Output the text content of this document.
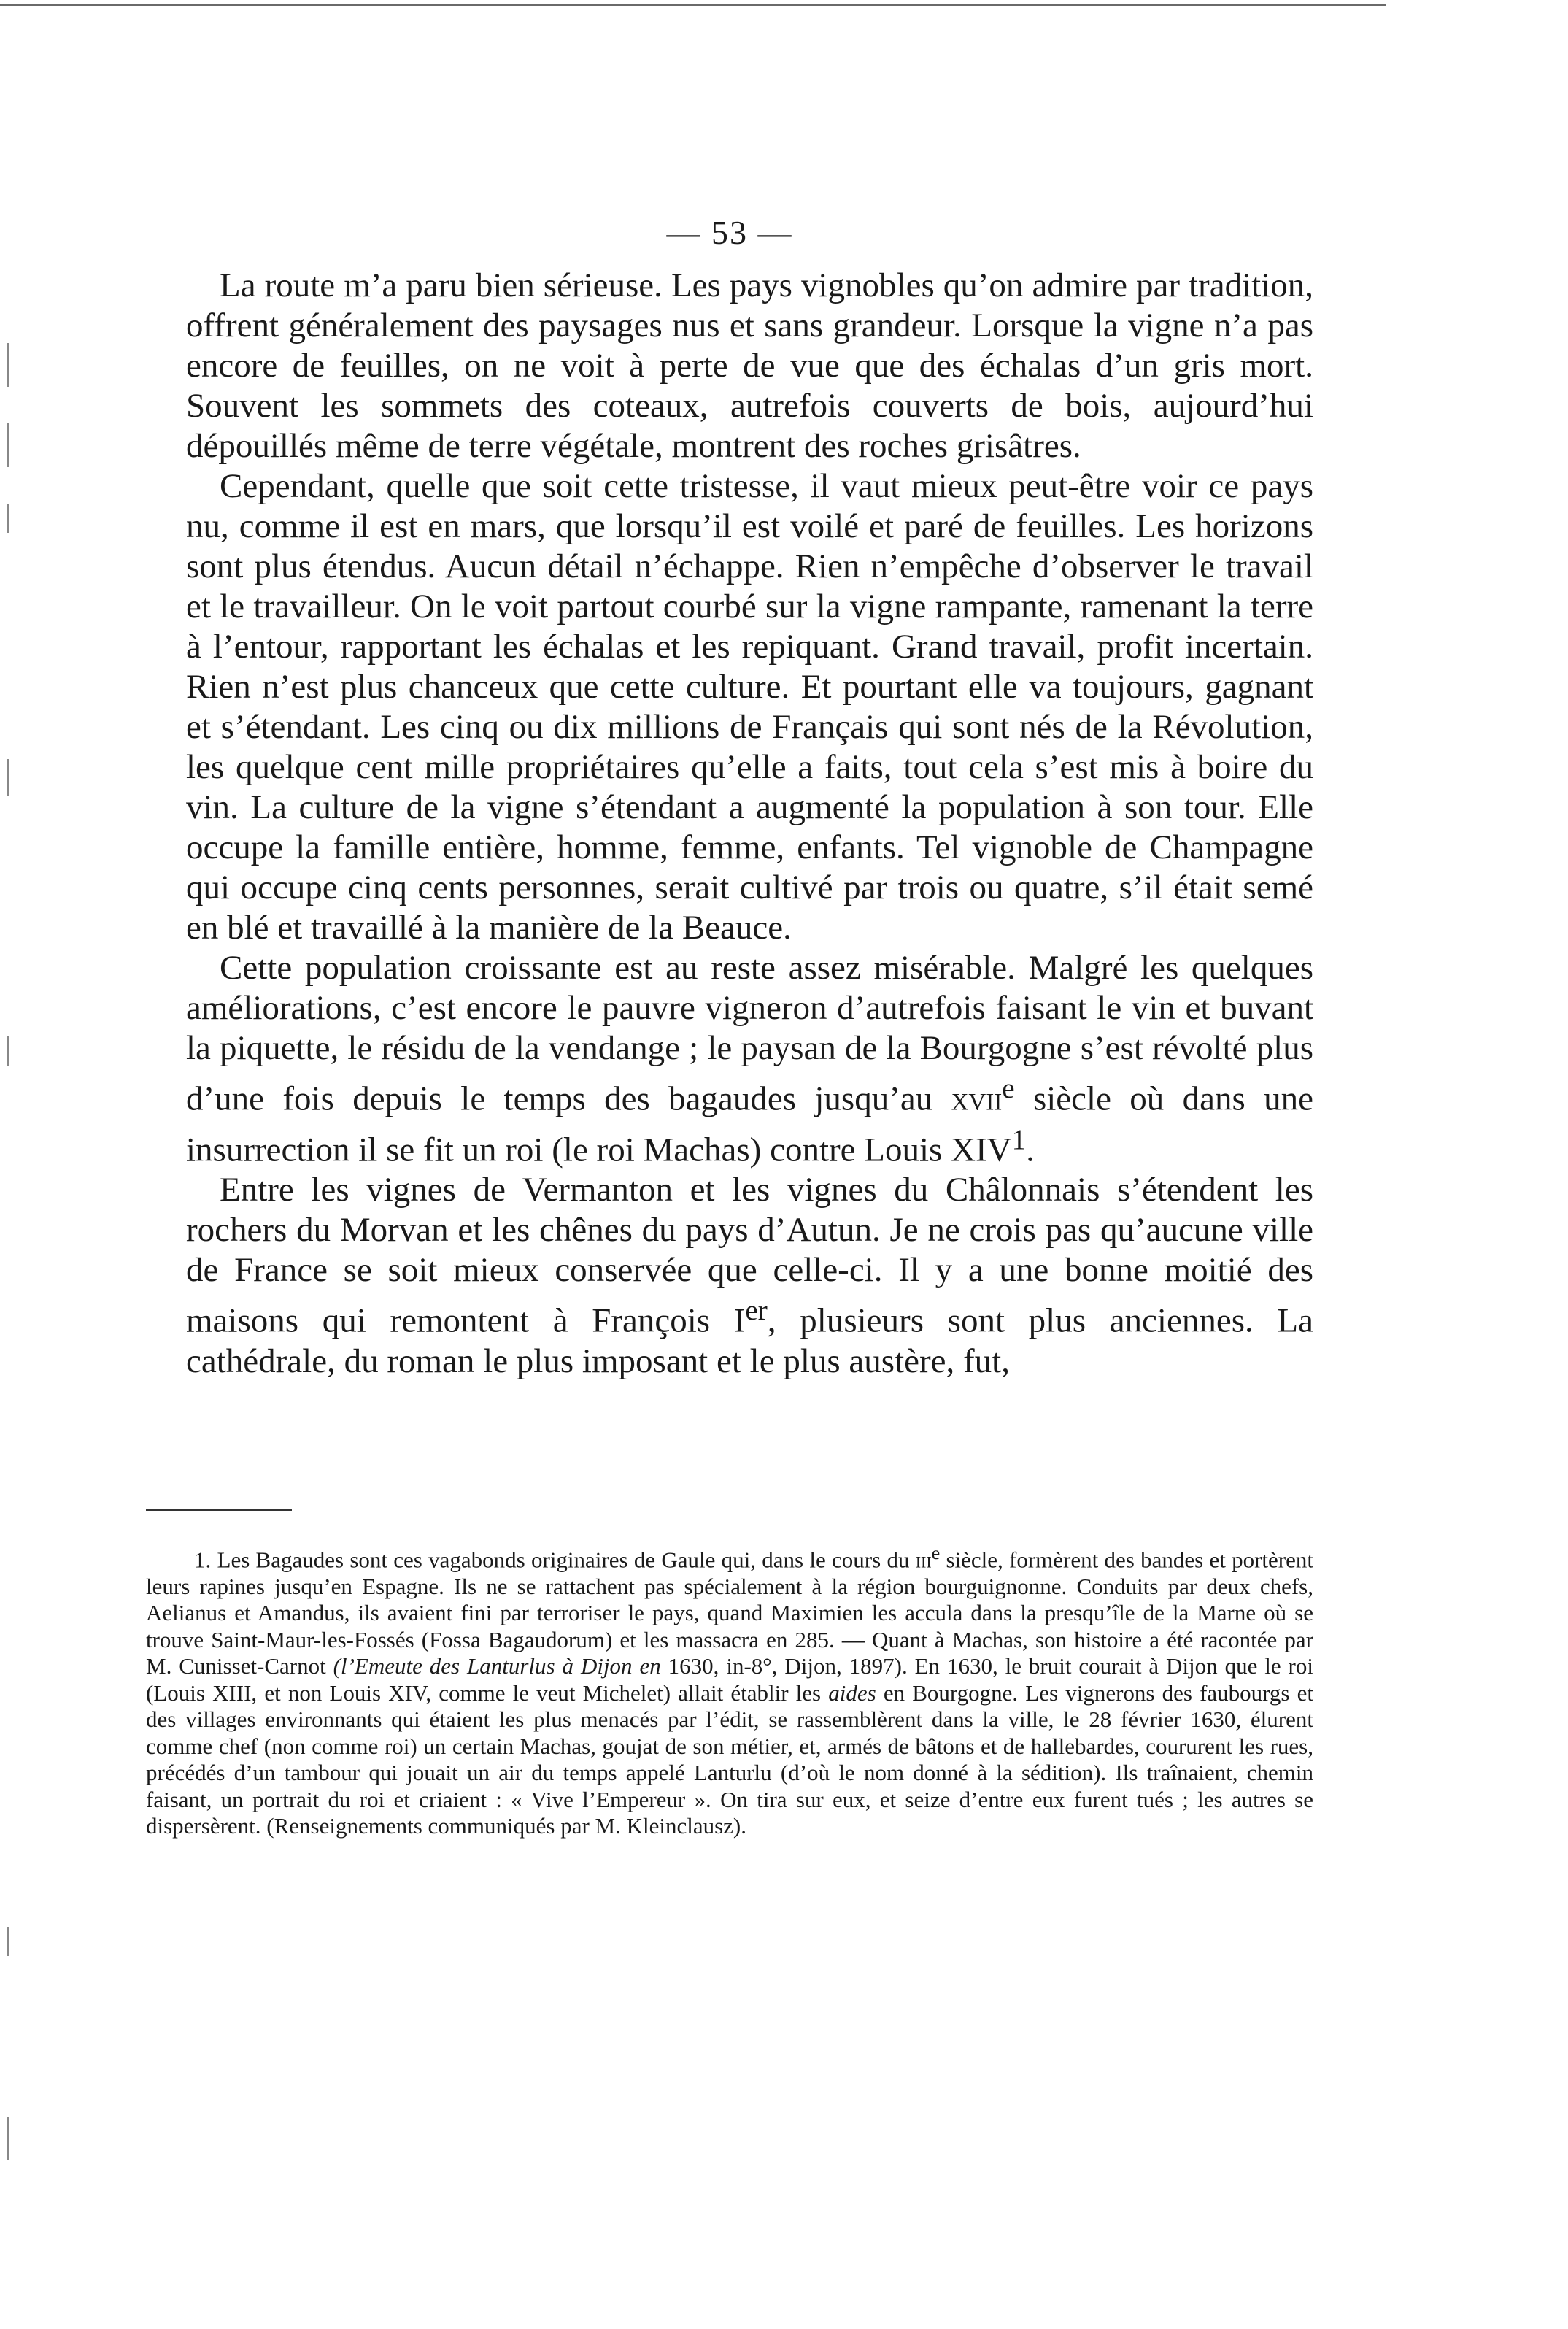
— 53 —

La route m’a paru bien sérieuse. Les pays vignobles qu’on admire par tradition, offrent généralement des paysages nus et sans grandeur. Lorsque la vigne n’a pas encore de feuilles, on ne voit à perte de vue que des échalas d’un gris mort. Souvent les sommets des coteaux, autrefois couverts de bois, aujourd’hui dépouillés même de terre végétale, montrent des roches grisâtres.

Cependant, quelle que soit cette tristesse, il vaut mieux peut-être voir ce pays nu, comme il est en mars, que lorsqu’il est voilé et paré de feuilles. Les horizons sont plus étendus. Aucun détail n’échappe. Rien n’empêche d’observer le travail et le travailleur. On le voit partout courbé sur la vigne rampante, ramenant la terre à l’entour, rapportant les échalas et les repiquant. Grand travail, profit incertain. Rien n’est plus chanceux que cette culture. Et pourtant elle va toujours, gagnant et s’étendant. Les cinq ou dix millions de Français qui sont nés de la Révolution, les quelque cent mille propriétaires qu’elle a faits, tout cela s’est mis à boire du vin. La culture de la vigne s’étendant a augmenté la population à son tour. Elle occupe la famille entière, homme, femme, enfants. Tel vignoble de Champagne qui occupe cinq cents personnes, serait cultivé par trois ou quatre, s’il était semé en blé et travaillé à la manière de la Beauce.

Cette population croissante est au reste assez misérable. Malgré les quelques améliorations, c’est encore le pauvre vigneron d’autrefois faisant le vin et buvant la piquette, le résidu de la vendange ; le paysan de la Bourgogne s’est révolté plus d’une fois depuis le temps des bagaudes jusqu’au xvii$^e$ siècle où dans une insurrection il se fit un roi (le roi Machas) contre Louis XIV$^1$.

Entre les vignes de Vermanton et les vignes du Châlonnais s’étendent les rochers du Morvan et les chênes du pays d’Autun. Je ne crois pas qu’aucune ville de France se soit mieux conservée que celle-ci. Il y a une bonne moitié des maisons qui remontent à François Ier, plusieurs sont plus anciennes. La cathédrale, du roman le plus imposant et le plus austère, fut,

1. Les Bagaudes sont ces vagabonds originaires de Gaule qui, dans le cours du iii$^e$ siècle, formèrent des bandes et portèrent leurs rapines jusqu’en Espagne. Ils ne se rattachent pas spécialement à la région bourguignonne. Conduits par deux chefs, Aelianus et Amandus, ils avaient fini par terroriser le pays, quand Maximien les accula dans la presqu’île de la Marne où se trouve Saint-Maur-les-Fossés (Fossa Bagaudorum) et les massacra en 285. — Quant à Machas, son histoire a été racontée par M. Cunisset-Carnot (l’Emeute des Lanturlus à Dijon en 1630, in-8°, Dijon, 1897). En 1630, le bruit courait à Dijon que le roi (Louis XIII, et non Louis XIV, comme le veut Michelet) allait établir les aides en Bourgogne. Les vignerons des faubourgs et des villages environnants qui étaient les plus menacés par l’édit, se rassemblèrent dans la ville, le 28 février 1630, élurent comme chef (non comme roi) un certain Machas, goujat de son métier, et, armés de bâtons et de hallebardes, coururent les rues, précédés d’un tambour qui jouait un air du temps appelé Lanturlu (d’où le nom donné à la sédition). Ils traînaient, chemin faisant, un portrait du roi et criaient : « Vive l’Empereur ». On tira sur eux, et seize d’entre eux furent tués ; les autres se dispersèrent. (Renseignements communiqués par M. Kleinclausz).
